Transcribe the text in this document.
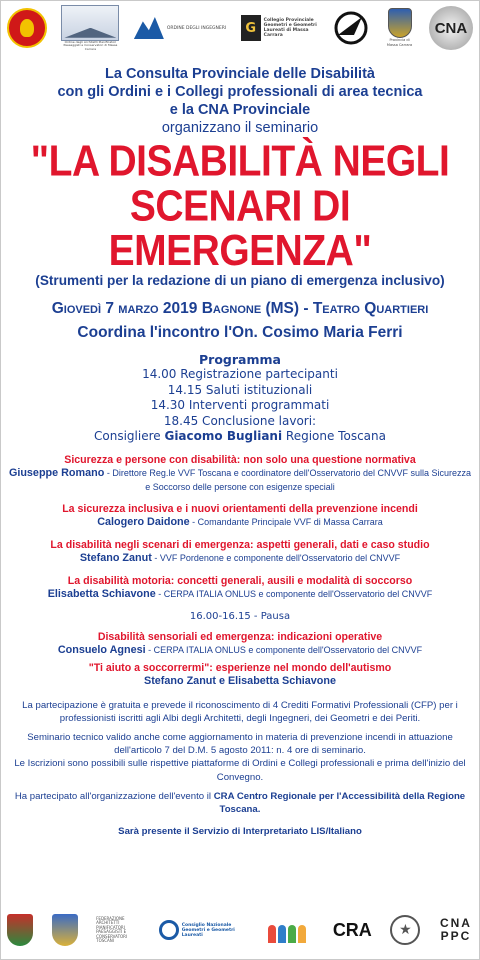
Ordine degli Architetti Pianificatori Paesaggisti e Conservatori di Massa Carrara
ORDINE DEGLI INGEGNERI	G	Collegio Provinciale Geometri e Geometri Laureati di Massa Carrara
Provincia di Massa Carrara
CNA
La Consulta Provinciale delle Disabilità
con gli Ordini e i Collegi professionali di area tecnica
e la CNA Provinciale
organizzano il seminario
"LA DISABILITÀ NEGLI
SCENARI DI EMERGENZA"
(Strumenti per la redazione di un piano di emergenza inclusivo)
Giovedì 7 marzo 2019 Bagnone (MS) - Teatro Quartieri
Coordina l'incontro l'On. Cosimo Maria Ferri
Programma
14.00 Registrazione partecipanti
14.15 Saluti istituzionali
14.30 Interventi programmati
18.45 Conclusione lavori:
Consigliere Giacomo Bugliani Regione Toscana
Sicurezza e persone con disabilità: non solo una questione normativa
Giuseppe Romano - Direttore Reg.le VVF Toscana e coordinatore dell'Osservatorio del CNVVF sulla Sicurezza e Soccorso delle persone con esigenze speciali
La sicurezza inclusiva e i nuovi orientamenti della prevenzione incendi
Calogero Daidone - Comandante Principale VVF di Massa Carrara
La disabilità negli scenari di emergenza: aspetti generali, dati e caso studio
Stefano Zanut - VVF Pordenone e componente dell'Osservatorio del CNVVF
La disabilità motoria: concetti generali, ausili e modalità di soccorso
Elisabetta Schiavone - CERPA ITALIA ONLUS e componente dell'Osservatorio del CNVVF
16.00-16.15 - Pausa
Disabilità sensoriali ed emergenza: indicazioni operative
Consuelo Agnesi - CERPA ITALIA ONLUS e componente dell'Osservatorio del CNVVF
"Ti aiuto a soccorrermi": esperienze nel mondo dell'autismo
Stefano Zanut e Elisabetta Schiavone

La partecipazione è gratuita e prevede il riconoscimento di 4 Crediti Formativi Professionali (CFP) per i professionisti iscritti agli Albi degli Architetti, degli Ingegneri, dei Geometri e dei Periti.

Seminario tecnico valido anche come aggiornamento in materia di prevenzione incendi in attuazione dell'articolo 7 del D.M. 5 agosto 2011: n. 4 ore di seminario.

Le Iscrizioni sono possibili sulle rispettive piattaforme di Ordini e Collegi professionali e prima dell'inizio del Convegno.

Ha partecipato all'organizzazione dell'evento il CRA Centro Regionale per l'Accessibilità della Regione Toscana.

Sarà presente il Servizio di Interpretariato LIS/Italiano
FEDERAZIONE ARCHITETTI PIANIFICATORI PAESAGGISTI E CONSERVATORI TOSCANI
Consiglio Nazionale Geometri e Geometri Laureati	CRA	★	CNA PPC
